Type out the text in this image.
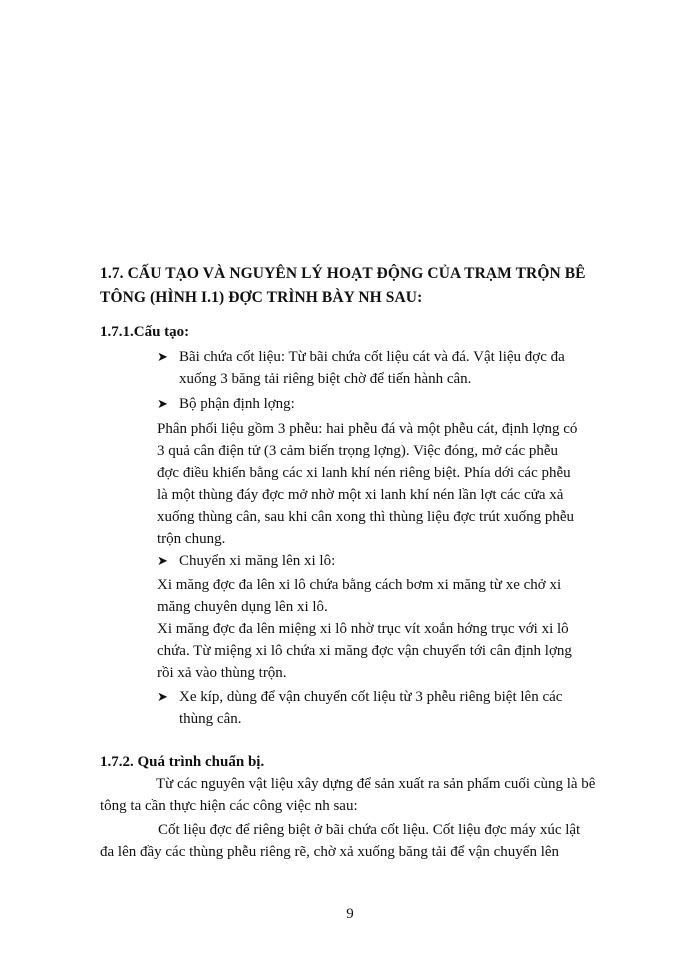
1.7. CẤU TẠO VÀ NGUYÊN LÝ HOẠT ĐỘNG CỦA TRẠM TRỘN BÊ
TÔNG (HÌNH I.1) ĐỢC TRÌNH BÀY NH SAU:
1.7.1.Cấu tạo:
➤ Bãi chứa cốt liệu: Từ bãi chứa cốt liệu cát và đá. Vật liệu đợc đa
xuống 3 băng tải riêng biệt chờ để tiến hành cân.
➤ Bộ phận định lợng:
Phân phối liệu gồm 3 phễu: hai phễu đá và một phễu cát, định lợng có
3 quả cân điện tử (3 cảm biến trọng lợng). Việc đóng, mở các phễu
đợc điều khiển bằng các xi lanh khí nén riêng biệt. Phía dới các phễu
là một thùng đáy đợc mở nhờ một xi lanh khí nén lần lợt các cửa xả
xuống thùng cân, sau khi cân xong thì thùng liệu đợc trút xuống phễu
trộn chung.
➤ Chuyển xi măng lên xi lô:
Xi măng đợc đa lên xi lô chứa bằng cách bơm xi măng từ xe chở xi
măng chuyên dụng lên xi lô.
Xi măng đợc đa lên miệng xi lô nhờ trục vít xoắn hớng trục với xi lô
chứa. Từ miệng xi lô chứa xi măng đợc vận chuyển tới cân định lợng
rồi xả vào thùng trộn.
➤ Xe kíp, dùng để vận chuyển cốt liệu từ 3 phễu riêng biệt lên các
thùng cân.
1.7.2. Quá trình chuẩn bị.
Từ các nguyên vật liệu xây dựng để sản xuất ra sản phẩm cuối cùng là bê
tông ta cần thực hiện các công việc nh sau:
Cốt liệu đợc để riêng biệt ở bãi chứa cốt liệu. Cốt liệu đợc máy xúc lật
đa lên đầy các thùng phễu riêng rẽ, chờ xả xuống băng tải để vận chuyển lên
9
